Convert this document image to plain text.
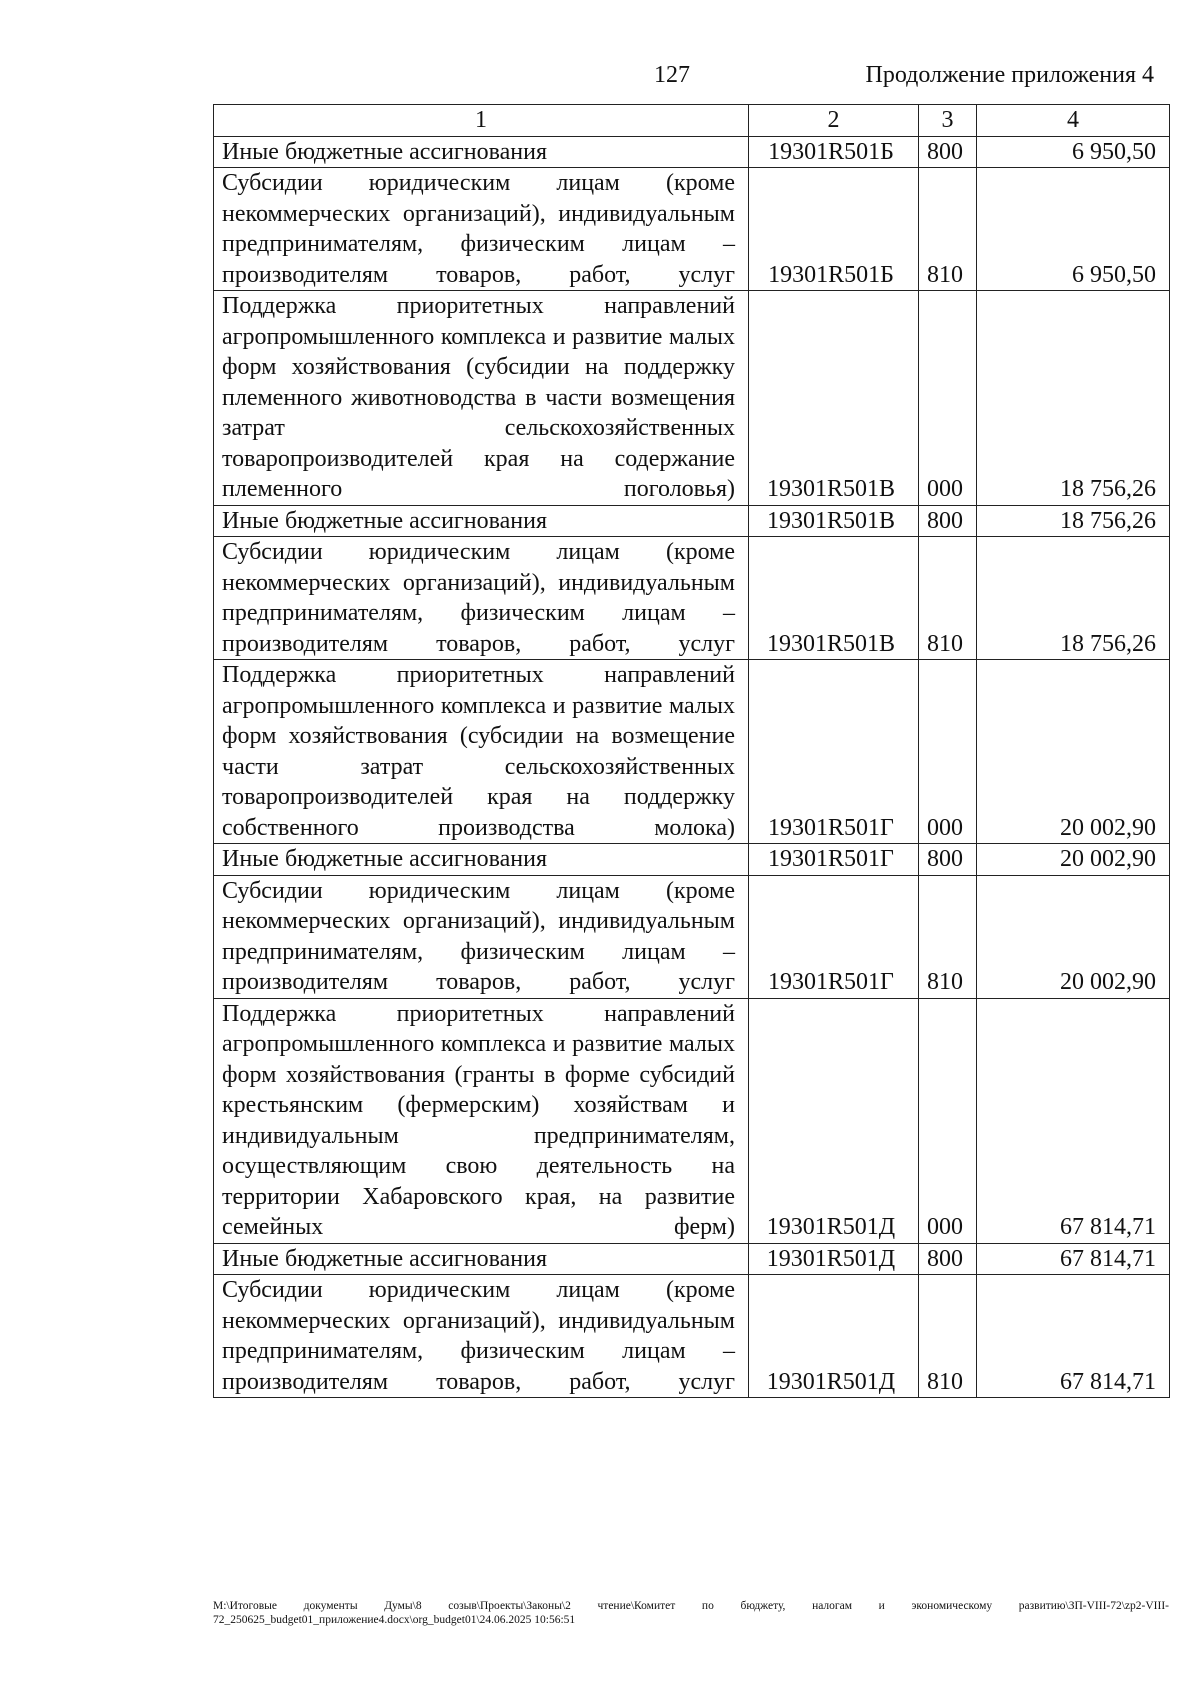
127	Продолжение приложения 4
1	2	3	4
Иные бюджетные ассигнования	19301R501Б	800	6 950,50
Субсидии юридическим лицам (кроме некоммерческих организаций), индивидуальным предпринимателям, физическим лицам – производителям товаров, работ, услуг	19301R501Б	810	6 950,50
Поддержка приоритетных направлений агропромышленного комплекса и развитие малых форм хозяйствования (субсидии на поддержку племенного животноводства в части возмещения затрат сельскохозяйственных товаропроизводителей края на содержание племенного поголовья)	19301R501В	000	18 756,26
Иные бюджетные ассигнования	19301R501В	800	18 756,26
Субсидии юридическим лицам (кроме некоммерческих организаций), индивидуальным предпринимателям, физическим лицам – производителям товаров, работ, услуг	19301R501В	810	18 756,26
Поддержка приоритетных направлений агропромышленного комплекса и развитие малых форм хозяйствования (субсидии на возмещение части затрат сельскохозяйственных товаропроизводителей края на поддержку собственного производства молока)	19301R501Г	000	20 002,90
Иные бюджетные ассигнования	19301R501Г	800	20 002,90
Субсидии юридическим лицам (кроме некоммерческих организаций), индивидуальным предпринимателям, физическим лицам – производителям товаров, работ, услуг	19301R501Г	810	20 002,90
Поддержка приоритетных направлений агропромышленного комплекса и развитие малых форм хозяйствования (гранты в форме субсидий крестьянским (фермерским) хозяйствам и индивидуальным предпринимателям, осуществляющим свою деятельность на территории Хабаровского края, на развитие семейных ферм)	19301R501Д	000	67 814,71
Иные бюджетные ассигнования	19301R501Д	800	67 814,71
Субсидии юридическим лицам (кроме некоммерческих организаций), индивидуальным предпринимателям, физическим лицам – производителям товаров, работ, услуг	19301R501Д	810	67 814,71
М:\Итоговые документы Думы\8 созыв\Проекты\Законы\2 чтение\Комитет по бюджету, налогам и экономическому развитию\ЗП-VIII-72\zp2-VIII-72_250625_budget01_приложение4.docx\org_budget01\24.06.2025 10:56:51
